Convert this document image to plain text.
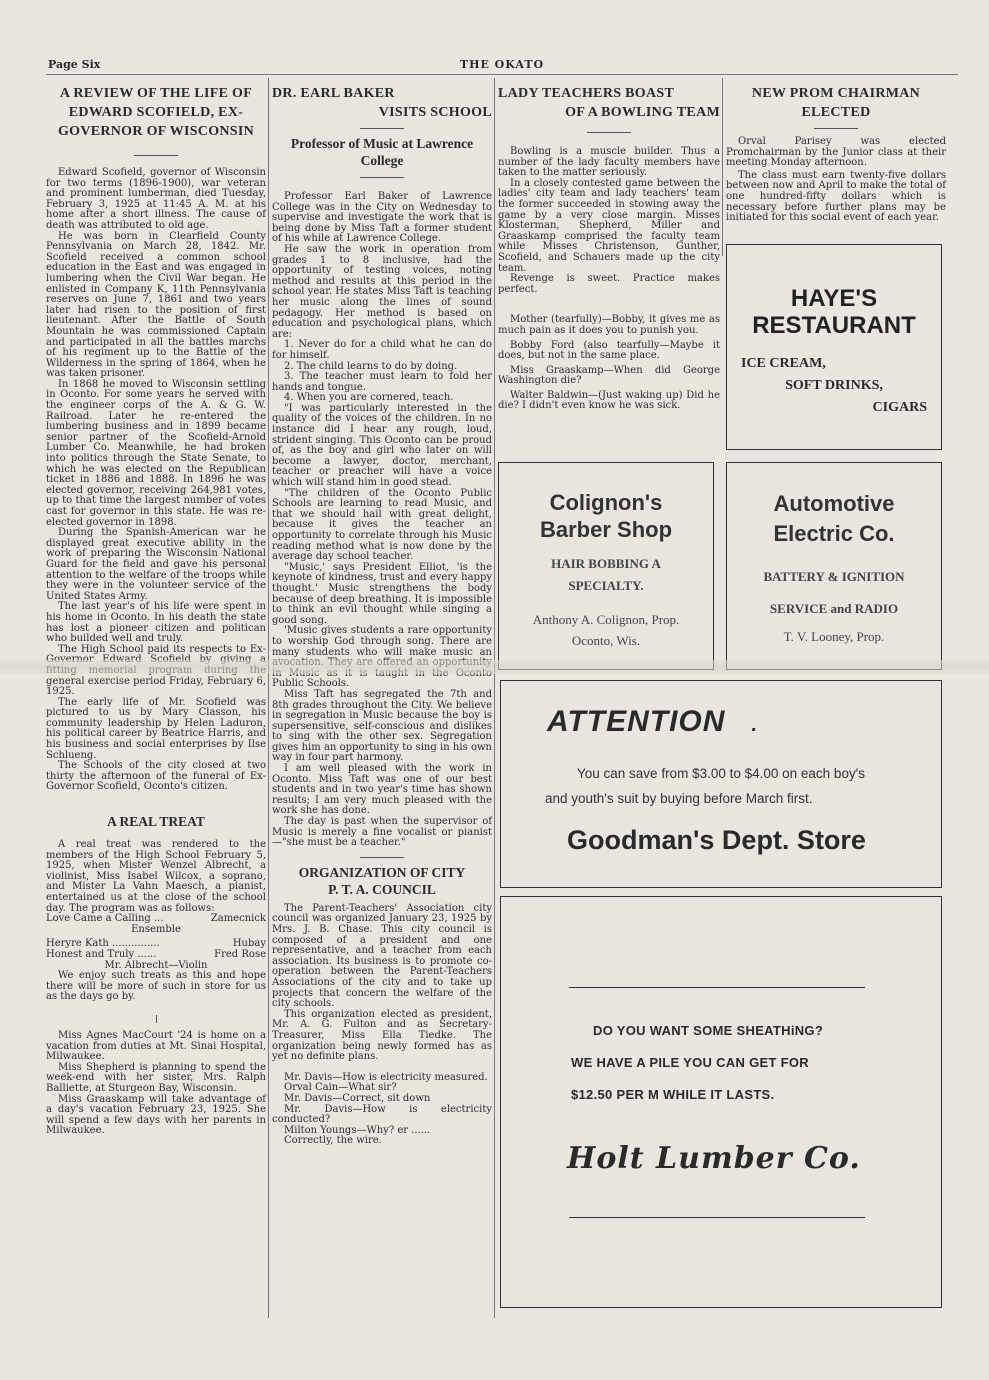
Page Six	THE OKATO
A REVIEW OF THE LIFE OF
EDWARD SCOFIELD, EX-
GOVERNOR OF WISCONSIN

Edward Scofield, governor of Wisconsin for two terms (1896-1900), war veteran and prominent lumberman, died Tuesday, February 3, 1925 at 11:45 A. M. at his home after a short illness. The cause of death was attributed to old age.

He was born in Clearfield County Pennsylvania on March 28, 1842. Mr. Scofield received a common school education in the East and was engaged in lumbering when the Civil War began. He enlisted in Company K, 11th Pennsylvania reserves on June 7, 1861 and two years later had risen to the position of first lieutenant. After the Battle of South Mountain he was commissioned Captain and participated in all the battles marchs of his regiment up to the Battle of the Wilderness in the spring of 1864, when he was taken prisoner.

In 1868 he moved to Wisconsin settling in Oconto. For some years he served with the engineer corps of the A. & G. W. Railroad. Later he re-entered the lumbering business and in 1899 became senior partner of the Scofield-Arnold Lumber Co. Meanwhile, he had broken into politics through the State Senate, to which he was elected on the Republican ticket in 1886 and 1888. In 1896 he was elected governor, receiving 264,981 votes, up to that time the largest number of votes cast for governor in this state. He was re-elected governor in 1898.

During the Spanish-American war he displayed great executive ability in the work of preparing the Wisconsin National Guard for the field and gave his personal attention to the welfare of the troops while they were in the volunteer service of the United States Army.

The last year's of his life were spent in his home in Oconto. In his death the state has lost a pioneer citizen and politican who builded well and truly.

The High School paid its respects to Ex- general exercise period Friday, February 6, 1925.

The early life of Mr. Scofield was pictured to us by Mary Classon, his community leadership by Helen Laduron, his political career by Beatrice Harris, and his business and social enterprises by Ilse Schlueng.

The Schools of the city closed at two thirty the afternoon of the funeral of Ex-Governor Scofield, Oconto's citizen.

A REAL TREAT

A real treat was rendered to the members of the High School February 5, 1925, when Mister Wenzel Albrecht, a violinist, Miss Isabel Wilcox, a soprano, and Mister La Vahn Maesch, a pianist, entertained us at the close of the school day. The program was as follows:

Love Came a Calling ...	Zamecnick
Ensemble
Heryre Kath ...............	Hubay
Honest and Truly ......	Fred Rose
Mr. Albrecht—Violin

We enjoy such treats as this and hope there will be more of such in store for us as the days go by.

Miss Agnes MacCourt '24 is home on a vacation from duties at Mt. Sinai Hospital, Milwaukee.

Miss Shepherd is planning to spend the week-end with her sister, Mrs. Ralph Balliette, at Sturgeon Bay, Wisconsin.

Miss Graaskamp will take advantage of a day's vacation February 23, 1925. She will spend a few days with her parents in Milwaukee.

DR. EARL BAKER

VISITS SCHOOL
Professor of Music at Lawrence College

Professor Earl Baker of Lawrence College was in the City on Wednesday to supervise and investigate the work that is being done by Miss Taft a former student of his while at Lawrence College.

He saw the work in operation from grades 1 to 8 inclusive, had the opportunity of testing voices, noting method and results at this period in the school year. He states Miss Taft is teaching her music along the lines of sound pedagogy. Her method is based on education and psychological plans, which are:

1. Never do for a child what he can do for himself.

2. The child learns to do by doing.

3. The teacher must learn to fold her hands and tongue.

4. When you are cornered, teach.

"I was particularly interested in the quality of the voices of the children. In no instance did I hear any rough, loud, strident singing. This Oconto can be proud of, as the boy and girl who later on will become a lawyer, doctor, merchant, teacher or preacher will have a voice which will stand him in good stead.

"The children of the Oconto Public Schools are learning to read Music, and that we should hail with great delight, because it gives the teacher an opportunity to correlate through his Music reading method what is now done by the average day school teacher.

"Music,' says President Elliot, 'is the keynote of kindness, trust and every happy thought.' Music strengthens the body because of deep breathing. It is impossible to think an evil thought while singing a good song.

'Music gives students a rare opportunity to worship God through song. There are many students who will make music an Public Schools.

Miss Taft has segregated the 7th and 8th grades throughout the City. We believe in segregation in Music because the boy is supersensitive, self-conscious and dislikes to sing with the other sex. Segregation gives him an opportunity to sing in his own way in four part harmony.

I am well pleased with the work in Oconto. Miss Taft was one of our best students and in two year's time has shown results; I am very much pleased with the work she has done.

The day is past when the supervisor of Music is merely a fine vocalist or pianist—"she must be a teacher."

ORGANIZATION OF CITY
P. T. A. COUNCIL

The Parent-Teachers' Association city council was organized January 23, 1925 by Mrs. J. B. Chase. This city council is composed of a president and one representative, and a teacher from each association. Its business is to promote co-operation between the Parent-Teachers Associations of the city and to take up projects that concern the welfare of the city schools.

This organization elected as president, Mr. A. G. Fulton and as Secretary-Treasurer, Miss Ella Tiedke. The organization being newly formed has as yet no definite plans.

Mr. Davis—How is electricity measured.

Orval Cain—What sir?

Mr. Davis—Correct, sit down

Mr. Davis—How is electricity conducted?

Milton Youngs—Why? er ......

Correctly, the wire.

LADY TEACHERS BOAST

OF A BOWLING TEAM

Bowling is a muscle builder. Thus a number of the lady faculty members have taken to the matter seriously.

In a closely contested game between the ladies' city team and lady teachers' team the former succeeded in stowing away the game by a very close margin. Misses Klosterman, Shepherd, Miller and Graaskamp comprised the faculty team while Misses Christenson, Gunther, Scofield, and Schauers made up the city team.

Revenge is sweet. Practice makes perfect.

Mother (tearfully)—Bobby, it gives me as much pain as it does you to punish you.

Bobby Ford (also tearfully—Maybe it does, but not in the same place.

Miss Graaskamp—When did George Washington die?

Walter Baldwin—(Just waking up) Did he die? I didn't even know he was sick.

NEW PROM CHAIRMAN
ELECTED

Orval Parisey was elected Promchairman by the Junior class at their meeting Monday afternoon.

The class must earn twenty-five dollars between now and April to make the total of one hundred-fifty dollars which is necessary before further plans may be initiated for this social event of each year.

HAYE'S
RESTAURANT
ICE CREAM,
SOFT DRINKS,
CIGARS
Colignon's
Barber Shop
HAIR BOBBING A
SPECIALTY.
Anthony A. Colignon, Prop.
Oconto, Wis.
Automotive
Electric Co.
BATTERY & IGNITION
SERVICE and RADIO
T. V. Looney, Prop.
ATTENTION .
You can save from $3.00 to $4.00 on each boy's
and youth's suit by buying before March first.
Goodman's Dept. Store
DO YOU WANT SOME SHEATHiNG?
WE HAVE A PILE YOU CAN GET FOR
$12.50 PER M WHILE IT LASTS.
Holt Lumber Co.
